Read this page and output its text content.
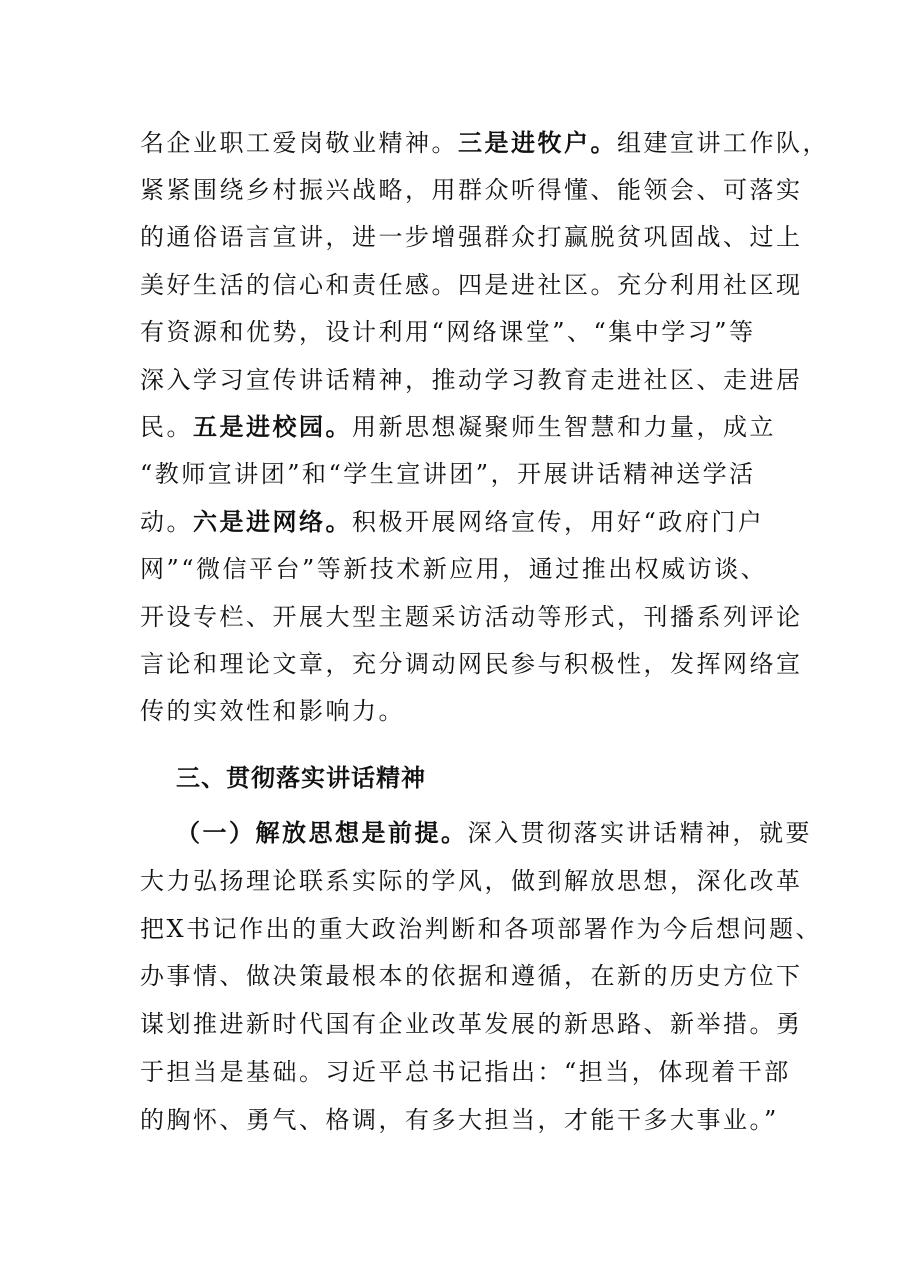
名企业职工爱岗敬业精神。三是进牧户。组建宣讲工作队，
紧紧围绕乡村振兴战略，用群众听得懂、能领会、可落实
的通俗语言宣讲，进一步增强群众打赢脱贫巩固战、过上
美好生活的信心和责任感。四是进社区。充分利用社区现
有资源和优势，设计利用“网络课堂”、“集中学习”等
深入学习宣传讲话精神，推动学习教育走进社区、走进居
民。五是进校园。用新思想凝聚师生智慧和力量，成立
“教师宣讲团”和“学生宣讲团”，开展讲话精神送学活
动。六是进网络。积极开展网络宣传，用好“政府门户
网”“微信平台”等新技术新应用，通过推出权威访谈、
开设专栏、开展大型主题采访活动等形式，刊播系列评论
言论和理论文章，充分调动网民参与积极性，发挥网络宣
传的实效性和影响力。
三、贯彻落实讲话精神
（一）解放思想是前提。深入贯彻落实讲话精神，就要
大力弘扬理论联系实际的学风，做到解放思想，深化改革
把X书记作出的重大政治判断和各项部署作为今后想问题、
办事情、做决策最根本的依据和遵循，在新的历史方位下
谋划推进新时代国有企业改革发展的新思路、新举措。勇
于担当是基础。习近平总书记指出：“担当，体现着干部
的胸怀、勇气、格调，有多大担当，才能干多大事业。”
